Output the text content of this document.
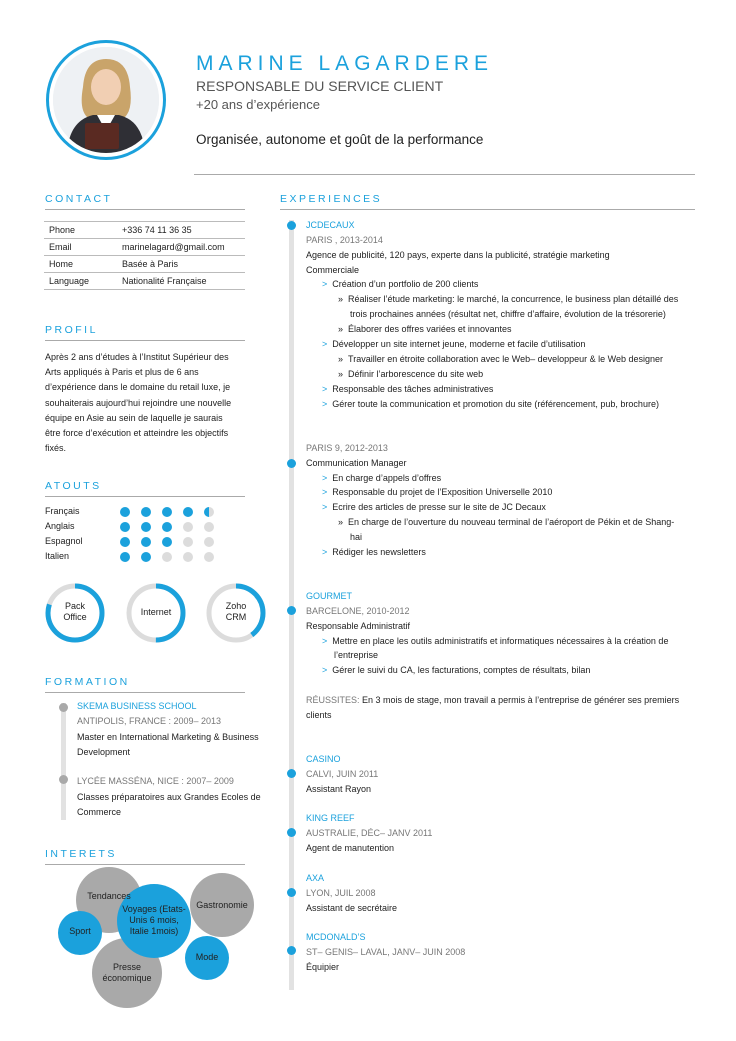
MARINE LAGARDERE
RESPONSABLE DU SERVICE CLIENT
+20 ans d’expérience
Organisée, autonome et goût de la performance
CONTACT
Phone	+336 74 11 36 35
Email	marinelagard@gmail.com
Home	Basée à Paris
Language	Nationalité Française
PROFIL
Après 2 ans d’études à l’Institut Supérieur des Arts appliqués à Paris et plus de 6 ans d’expérience dans le domaine du retail luxe, je souhaiterais aujourd’hui rejoindre une nouvelle équipe en Asie au sein de laquelle je saurais être force d’exécution et atteindre les objectifs fixés.
ATOUTS
Français
Anglais
Espagnol
Italien
Pack
Office	Internet
Zoho
CRM
FORMATION
SKEMA BUSINESS SCHOOL
ANTIPOLIS, FRANCE : 2009– 2013
Master en International Marketing & Business
Development
LYCÉE MASSÉNA, NICE : 2007– 2009
Classes préparatoires aux Grandes Ecoles de
Commerce
INTERETS
Tendances
Voyages (Etats-
Unis 6 mois,
Italie 1mois)
Gastronomie
Sport
Mode
Presse
économique
EXPERIENCES
JCDECAUX
PARIS , 2013-2014
Agence de publicité, 120 pays, experte dans la publicité, stratégie marketing
Commerciale
> Création d’un portfolio de 200 clients
» Réaliser l’étude marketing: le marché, la concurrence, le business plan détaillé des
trois prochaines années (résultat net, chiffre d’affaire, évolution de la trésorerie)
» Élaborer des offres variées et innovantes
> Développer un site internet jeune, moderne et facile d’utilisation
» Travailler en étroite collaboration avec le Web– developpeur & le Web designer
» Définir l’arborescence du site web
> Responsable des tâches administratives
> Gérer toute la communication et promotion du site (référencement, pub, brochure)
PARIS 9, 2012-2013
Communication Manager
> En charge d’appels d’offres
> Responsable du projet de l’Exposition Universelle 2010
> Ecrire des articles de presse sur le site de JC Decaux
» En charge de l’ouverture du nouveau terminal de l’aéroport de Pékin et de Shang-
hai
> Rédiger les newsletters
GOURMET
BARCELONE, 2010-2012
Responsable Administratif
> Mettre en place les outils administratifs et informatiques nécessaires à la création de
l’entreprise
> Gérer le suivi du CA, les facturations, comptes de résultats, bilan
RÉUSSITES: En 3 mois de stage, mon travail a permis à l’entreprise de générer ses premiers
clients
CASINO
CALVI, JUIN 2011
Assistant Rayon
KING REEF
AUSTRALIE, DÉC– JANV 2011
Agent de manutention
AXA
LYON, JUIL 2008
Assistant de secrétaire
MCDONALD’S
ST– GENIS– LAVAL, JANV– JUIN 2008
Équipier
